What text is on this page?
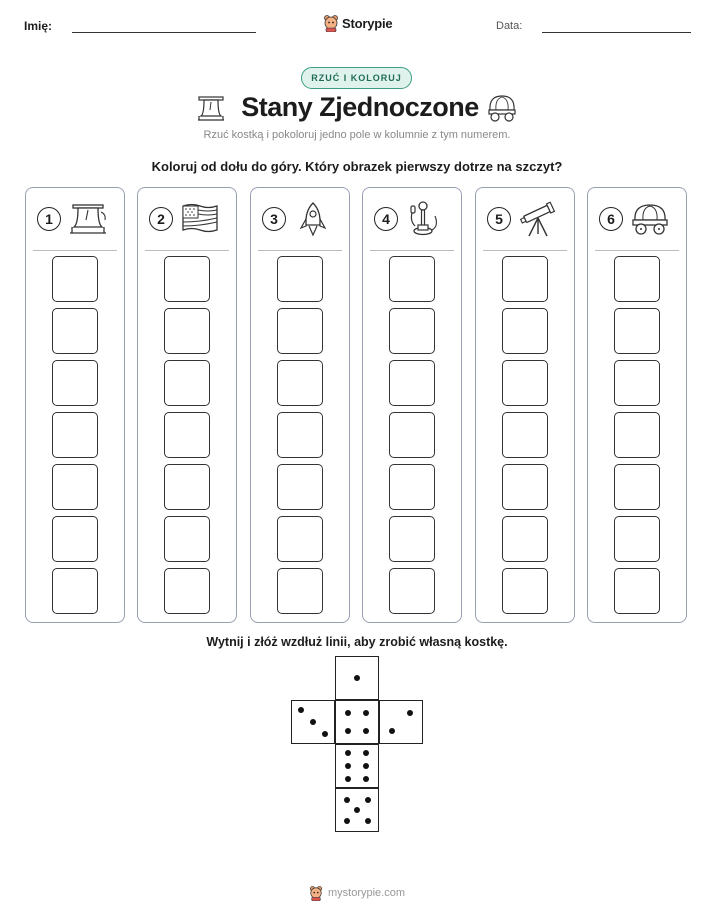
Imię:	Storypie	Data:
RZUĆ I KOLORUJ
Stany Zjednoczone
Rzuć kostką i pokoloruj jedno pole w kolumnie z tym numerem.
Koloruj od dołu do góry. Który obrazek pierwszy dotrze na szczyt?
1	2	3	4	5	6
Wytnij i złóż wzdłuż linii, aby zrobić własną kostkę.
mystorypie.com
